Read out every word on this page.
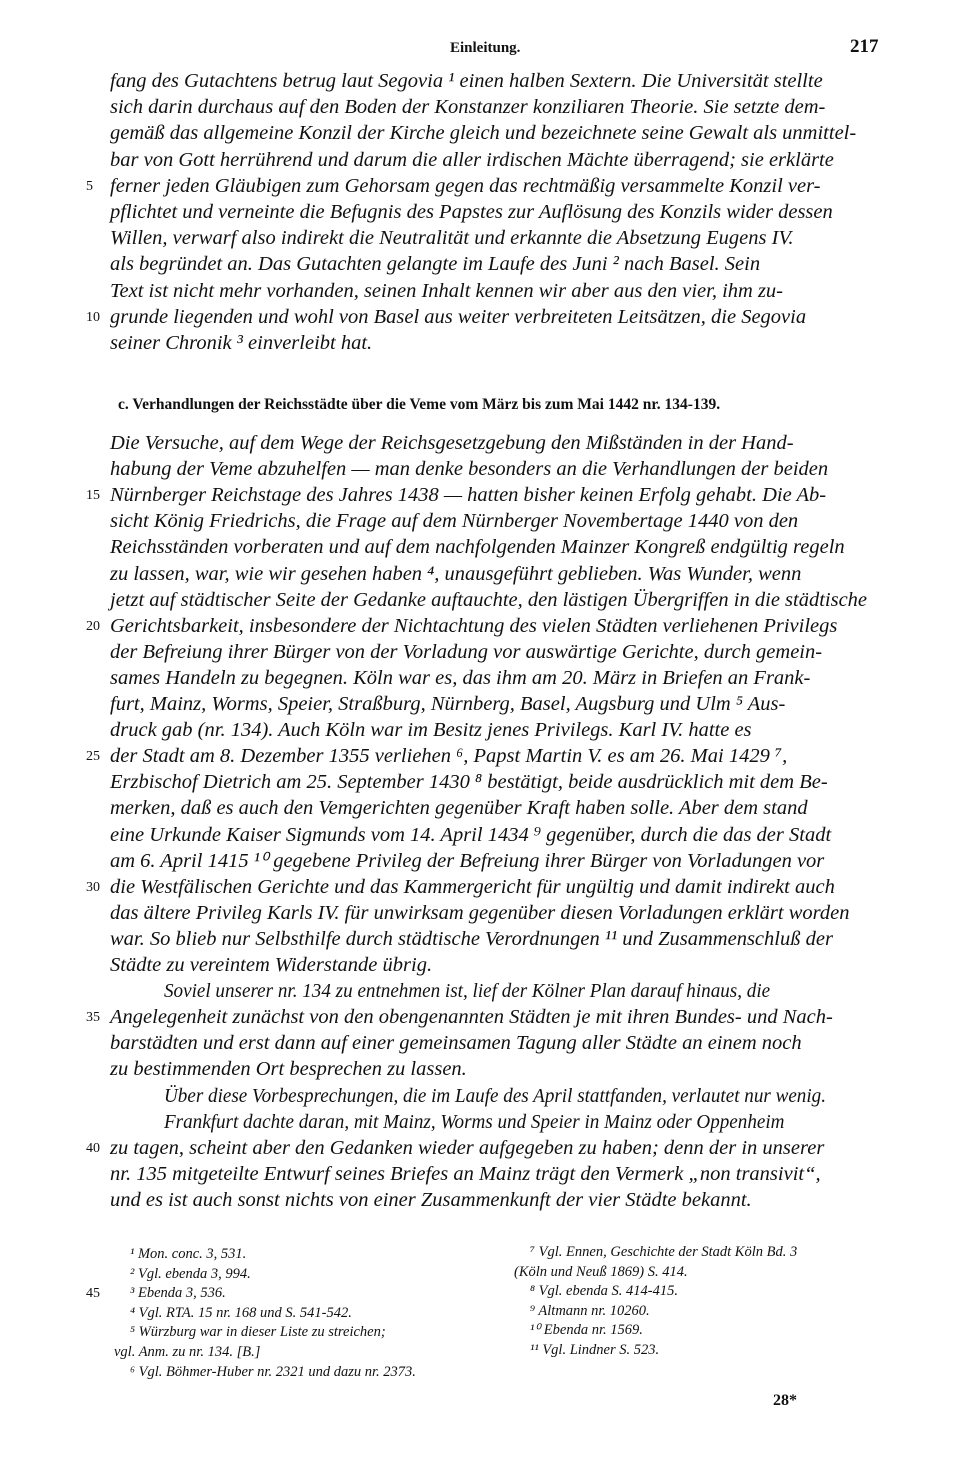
Einleitung.	217
fang des Gutachtens betrug laut Segovia ¹ einen halben Sextern. Die Universität stellte
sich darin durchaus auf den Boden der Konstanzer konziliaren Theorie. Sie setzte dem-
gemäß das allgemeine Konzil der Kirche gleich und bezeichnete seine Gewalt als unmittel-
bar von Gott herrührend und darum die aller irdischen Mächte überragend; sie erklärte
ferner jeden Gläubigen zum Gehorsam gegen das rechtmäßig versammelte Konzil ver-
5
pflichtet und verneinte die Befugnis des Papstes zur Auflösung des Konzils wider dessen
Willen, verwarf also indirekt die Neutralität und erkannte die Absetzung Eugens IV.
als begründet an. Das Gutachten gelangte im Laufe des Juni ² nach Basel. Sein
Text ist nicht mehr vorhanden, seinen Inhalt kennen wir aber aus den vier, ihm zu-
grunde liegenden und wohl von Basel aus weiter verbreiteten Leitsätzen, die Segovia
10
seiner Chronik ³ einverleibt hat.
c. Verhandlungen der Reichsstädte über die Veme vom März bis zum Mai 1442 nr. 134-139.
Die Versuche, auf dem Wege der Reichsgesetzgebung den Mißständen in der Hand-
habung der Veme abzuhelfen — man denke besonders an die Verhandlungen der beiden
Nürnberger Reichstage des Jahres 1438 — hatten bisher keinen Erfolg gehabt. Die Ab-
15
sicht König Friedrichs, die Frage auf dem Nürnberger Novembertage 1440 von den
Reichsständen vorberaten und auf dem nachfolgenden Mainzer Kongreß endgültig regeln
zu lassen, war, wie wir gesehen haben ⁴, unausgeführt geblieben. Was Wunder, wenn
jetzt auf städtischer Seite der Gedanke auftauchte, den lästigen Übergriffen in die städtische
Gerichtsbarkeit, insbesondere der Nichtachtung des vielen Städten verliehenen Privilegs
20
der Befreiung ihrer Bürger von der Vorladung vor auswärtige Gerichte, durch gemein-
sames Handeln zu begegnen. Köln war es, das ihm am 20. März in Briefen an Frank-
furt, Mainz, Worms, Speier, Straßburg, Nürnberg, Basel, Augsburg und Ulm ⁵ Aus-
druck gab (nr. 134). Auch Köln war im Besitz jenes Privilegs. Karl IV. hatte es
der Stadt am 8. Dezember 1355 verliehen ⁶, Papst Martin V. es am 26. Mai 1429 ⁷,
25
Erzbischof Dietrich am 25. September 1430 ⁸ bestätigt, beide ausdrücklich mit dem Be-
merken, daß es auch den Vemgerichten gegenüber Kraft haben solle. Aber dem stand
eine Urkunde Kaiser Sigmunds vom 14. April 1434 ⁹ gegenüber, durch die das der Stadt
am 6. April 1415 ¹⁰ gegebene Privileg der Befreiung ihrer Bürger von Vorladungen vor
die Westfälischen Gerichte und das Kammergericht für ungültig und damit indirekt auch
30
das ältere Privileg Karls IV. für unwirksam gegenüber diesen Vorladungen erklärt worden
war. So blieb nur Selbsthilfe durch städtische Verordnungen ¹¹ und Zusammenschluß der
Städte zu vereintem Widerstande übrig.
Soviel unserer nr. 134 zu entnehmen ist, lief der Kölner Plan darauf hinaus, die
Angelegenheit zunächst von den obengenannten Städten je mit ihren Bundes- und Nach-
35
barstädten und erst dann auf einer gemeinsamen Tagung aller Städte an einem noch
zu bestimmenden Ort besprechen zu lassen.
Über diese Vorbesprechungen, die im Laufe des April stattfanden, verlautet nur wenig.
Frankfurt dachte daran, mit Mainz, Worms und Speier in Mainz oder Oppenheim
zu tagen, scheint aber den Gedanken wieder aufgegeben zu haben; denn der in unserer
40
nr. 135 mitgeteilte Entwurf seines Briefes an Mainz trägt den Vermerk „non transivit“,
und es ist auch sonst nichts von einer Zusammenkunft der vier Städte bekannt.
¹ Mon. conc. 3, 531.
² Vgl. ebenda 3, 994.
³ Ebenda 3, 536.
45
⁴ Vgl. RTA. 15 nr. 168 und S. 541-542.
⁵ Würzburg war in dieser Liste zu streichen;
vgl. Anm. zu nr. 134. [B.]
⁶ Vgl. Böhmer-Huber nr. 2321 und dazu nr. 2373.
⁷ Vgl. Ennen, Geschichte der Stadt Köln Bd. 3
(Köln und Neuß 1869) S. 414.
⁸ Vgl. ebenda S. 414-415.
⁹ Altmann nr. 10260.
¹⁰ Ebenda nr. 1569.
¹¹ Vgl. Lindner S. 523.
28*
